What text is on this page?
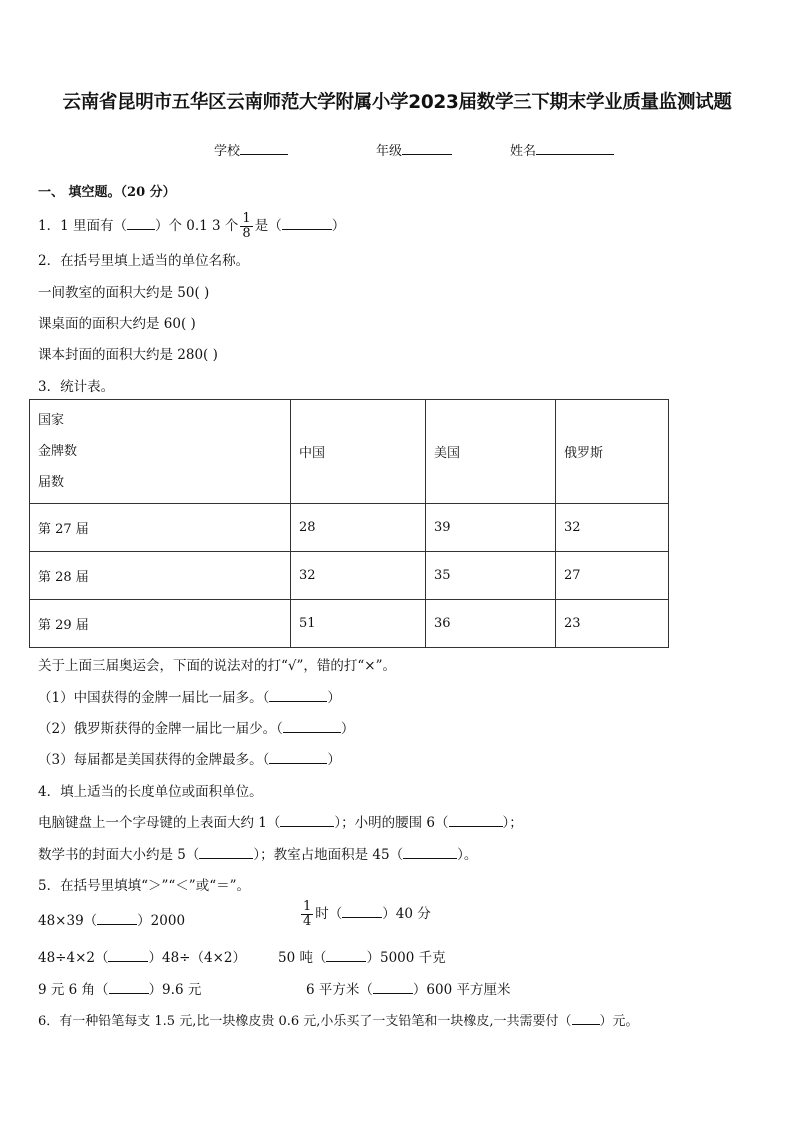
云南省昆明市五华区云南师范大学附属小学2023届数学三下期末学业质量监测试题
学校	年级	姓名
一、 填空题。（20 分）
1．1 里面有（ ）个 0.1 3 个 $\frac{1}{8}$ 是（	）
2．在括号里填上适当的单位名称。
一间教室的面积大约是 50( )
课桌面的面积大约是 60( )
课本封面的面积大约是 280( )
3．统计表。
国家
金牌数
届数	中国	美国	俄罗斯
第 27 届	28	39	32
第 28 届	32	35	27
第 29 届	51	36	23
关于上面三届奥运会，下面的说法对的打“√”，错的打“×”。
（1）中国获得的金牌一届比一届多。（	）
（2）俄罗斯获得的金牌一届比一届少。（	）
（3）每届都是美国获得的金牌最多。（	）
4．填上适当的长度单位或面积单位。
电脑键盘上一个字母键的上表面大约 1（	）；小明的腰围 6（	）；
数学书的封面大小约是 5（	）；教室占地面积是 45（	）。
5．在括号里填填“＞”“＜”或“＝”。
48×39（	）2000	$\frac{1}{4}$ 时（	）40 分
48÷4×2（	）48÷（4×2） 50 吨（	）5000 千克
9 元 6 角（	）9.6 元	6 平方米（	）600 平方厘米
6．有一种铅笔每支 1.5 元,比一块橡皮贵 0.6 元,小乐买了一支铅笔和一块橡皮,一共需要付（ ）元。
